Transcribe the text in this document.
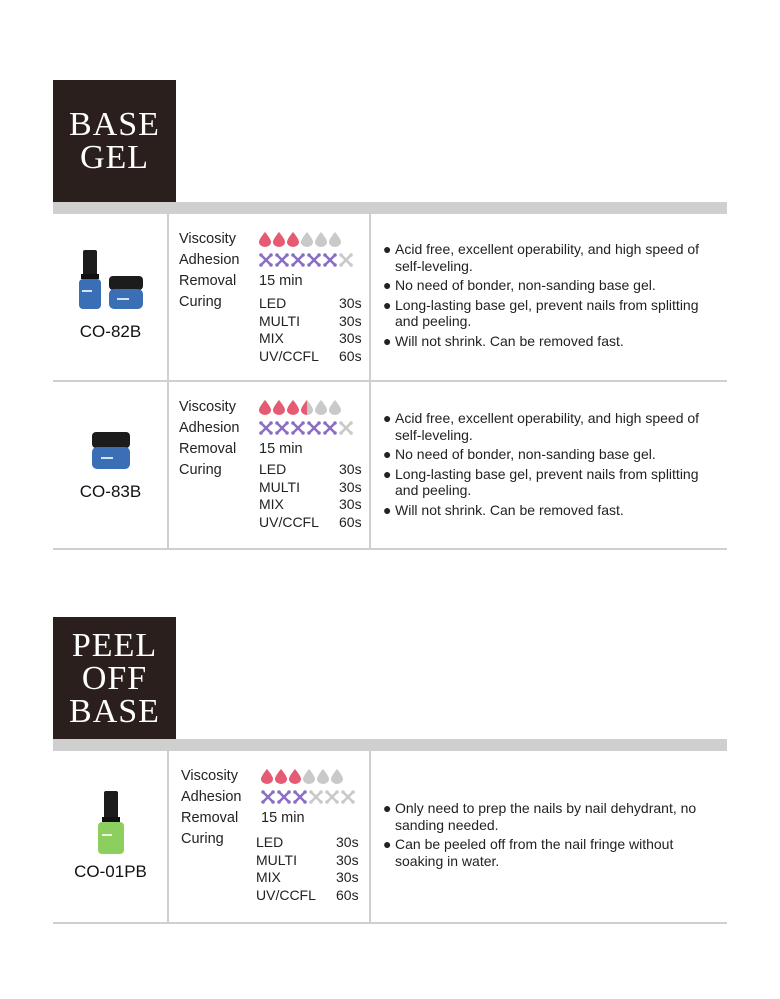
BASE
GEL
CO-82B
Viscosity
Adhesion
Removal 15 min
Curing	LED	30s
MULTI	30s
MIX	30s
UV/CCFL 60s
● Acid free, excellent operability, and high speed of self-leveling.
● No need of bonder, non-sanding base gel.
● Long-lasting base gel, prevent nails from splitting and peeling.
● Will not shrink. Can be removed fast.
CO-83B
Viscosity
Adhesion
Removal 15 min
Curing	LED	30s
MULTI	30s
MIX	30s
UV/CCFL 60s
● Acid free, excellent operability, and high speed of self-leveling.
● No need of bonder, non-sanding base gel.
● Long-lasting base gel, prevent nails from splitting and peeling.
● Will not shrink. Can be removed fast.
PEEL
OFF
BASE
CO-01PB
Viscosity
Adhesion
Removal 15 min
Curing	LED	30s
MULTI	30s
MIX	30s
UV/CCFL 60s
● Only need to prep the nails by nail dehydrant, no sanding needed.
● Can be peeled off from the nail fringe without soaking in water.
